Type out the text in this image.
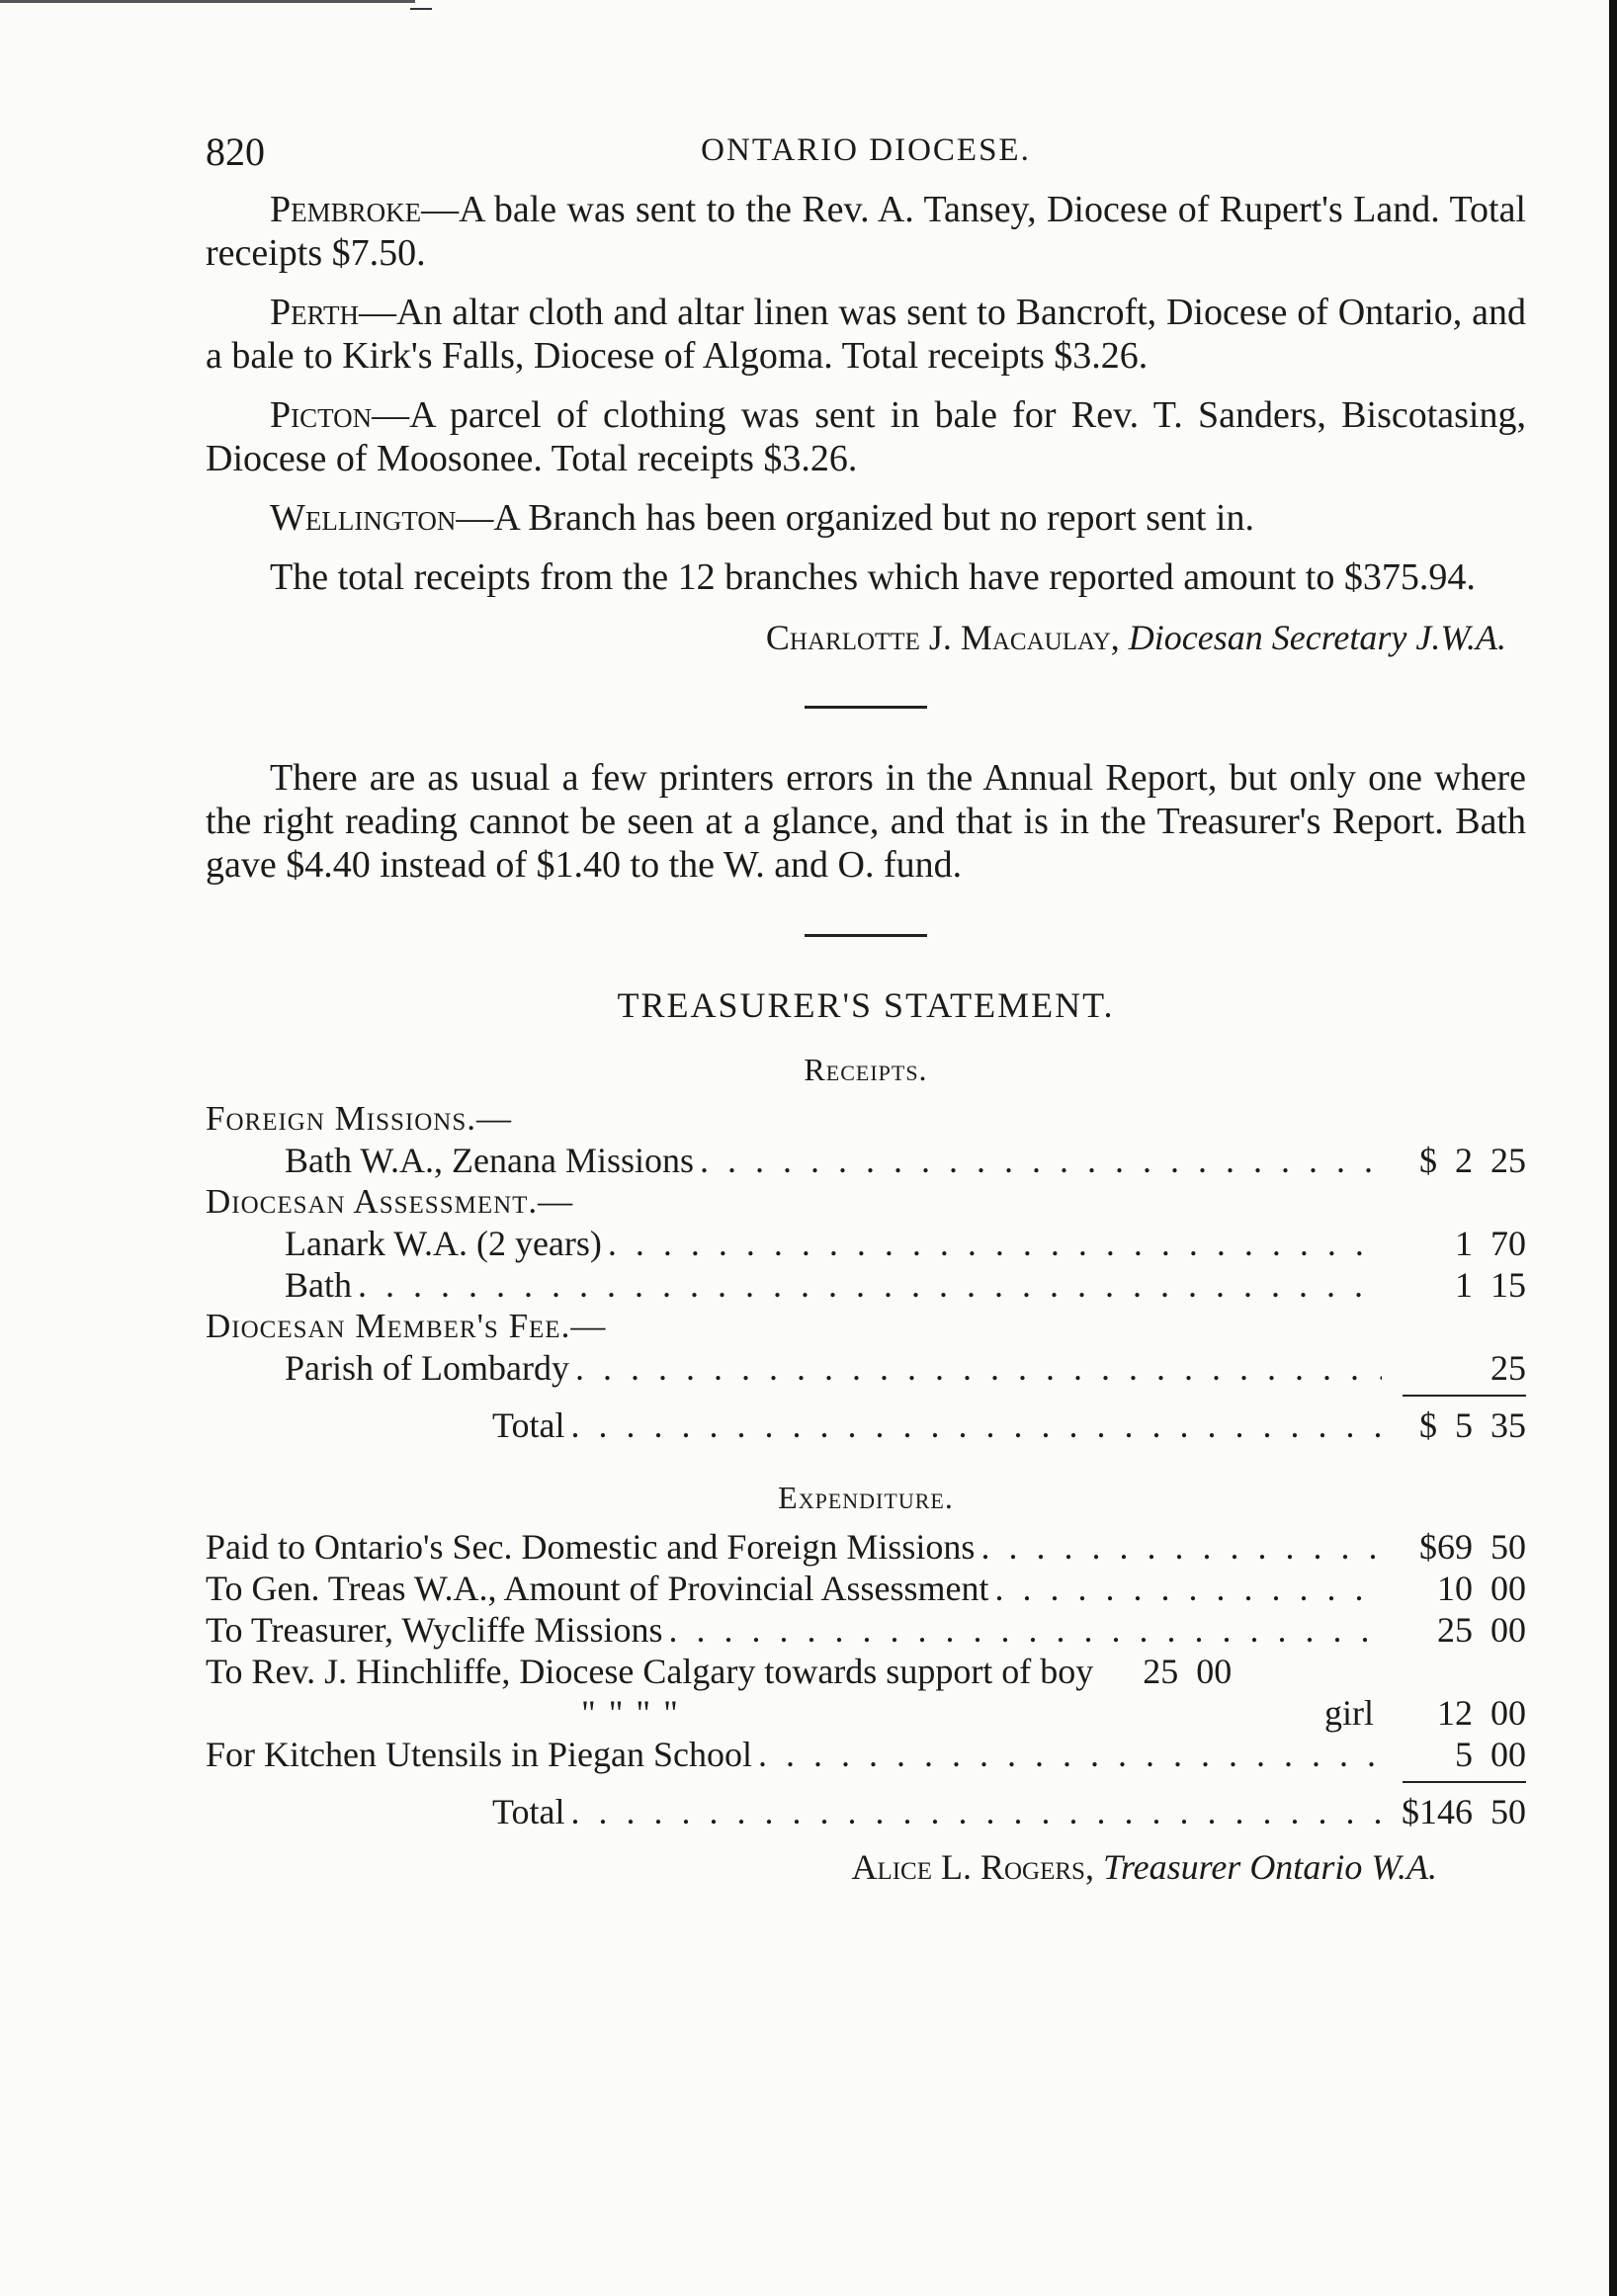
820	ONTARIO DIOCESE.

Pembroke—A bale was sent to the Rev. A. Tansey, Diocese of Rupert's Land. Total receipts $7.50.

Perth—An altar cloth and altar linen was sent to Bancroft, Diocese of Ontario, and a bale to Kirk's Falls, Diocese of Algoma. Total receipts $3.26.

Picton—A parcel of clothing was sent in bale for Rev. T. Sanders, Biscotasing, Diocese of Moosonee. Total receipts $3.26.

Wellington—A Branch has been organized but no report sent in.

The total receipts from the 12 branches which have reported amount to $375.94.

Charlotte J. Macaulay, Diocesan Secretary J.W.A.

There are as usual a few printers errors in the Annual Report, but only one where the right reading cannot be seen at a glance, and that is in the Treasurer's Report. Bath gave $4.40 instead of $1.40 to the W. and O. fund.

TREASURER'S STATEMENT.
Receipts.
Foreign Missions.—
Bath W.A., Zenana Missions . . .	$ 2 25
Diocesan Assessment.—
Lanark W.A. (2 years) . . .	1 70
Bath . . .	1 15
Diocesan Member's Fee.—
Parish of Lombardy . . .	25
Total . . .	$ 5 35
Expenditure.
Paid to Ontario's Sec. Domestic and Foreign Missions . . .	$69 50
To Gen. Treas W.A., Amount of Provincial Assessment . . .	10 00
To Treasurer, Wycliffe Missions . . .	25 00
To Rev. J. Hinchliffe, Diocese Calgary towards support of boy	25 00
" " " "	girl	12 00
For Kitchen Utensils in Piegan School . . .	5 00
Total . . .	$146 50
Alice L. Rogers, Treasurer Ontario W.A.
